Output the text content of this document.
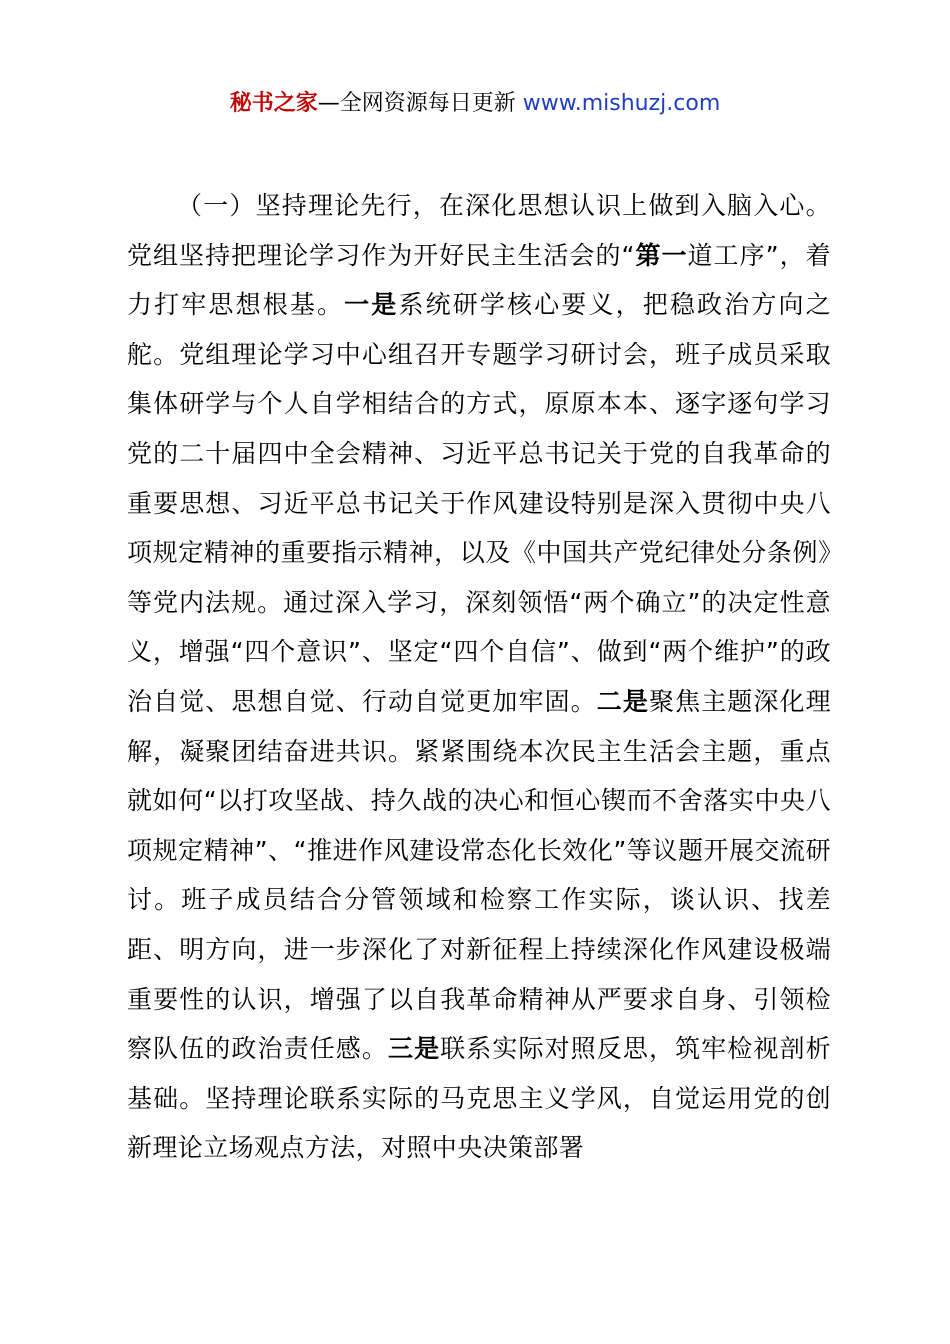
秘书之家—全网资源每日更新 www.mishuzj.com
（一）坚持理论先行，在深化思想认识上做到入脑入心。党组坚持把理论学习作为开好民主生活会的“第一道工序”，着力打牢思想根基。一是系统研学核心要义，把稳政治方向之舵。党组理论学习中心组召开专题学习研讨会，班子成员采取集体研学与个人自学相结合的方式，原原本本、逐字逐句学习党的二十届四中全会精神、习近平总书记关于党的自我革命的重要思想、习近平总书记关于作风建设特别是深入贯彻中央八项规定精神的重要指示精神，以及《中国共产党纪律处分条例》等党内法规。通过深入学习，深刻领悟“两个确立”的决定性意义，增强“四个意识”、坚定“四个自信”、做到“两个维护”的政治自觉、思想自觉、行动自觉更加牢固。二是聚焦主题深化理解，凝聚团结奋进共识。紧紧围绕本次民主生活会主题，重点就如何“以打攻坚战、持久战的决心和恒心锲而不舍落实中央八项规定精神”、“推进作风建设常态化长效化”等议题开展交流研讨。班子成员结合分管领域和检察工作实际，谈认识、找差距、明方向，进一步深化了对新征程上持续深化作风建设极端重要性的认识，增强了以自我革命精神从严要求自身、引领检察队伍的政治责任感。三是联系实际对照反思，筑牢检视剖析基础。坚持理论联系实际的马克思主义学风，自觉运用党的创新理论立场观点方法，对照中央决策部署
